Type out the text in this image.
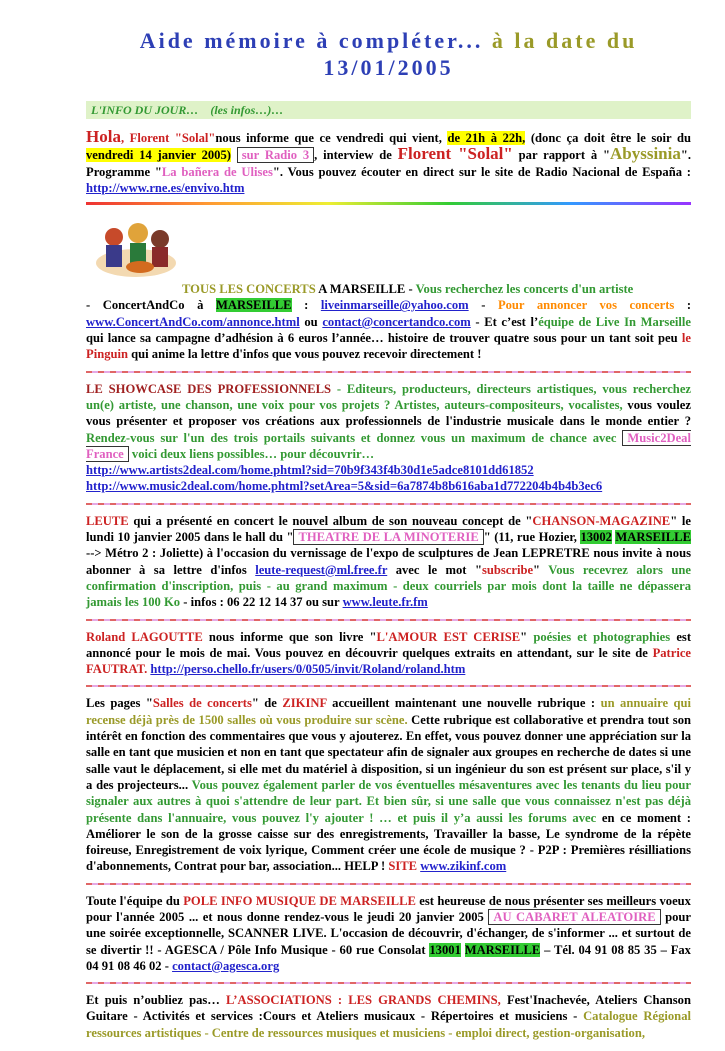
Aide mémoire à compléter... à la date du
13/01/2005
L'INFO DU JOUR… (les infos…)…
Hola, Florent "Solal"nous informe que ce vendredi qui vient, de 21h à 22h, (donc ça doit être le soir du vendredi 14 janvier 2005) sur Radio 3 , interview de Florent "Solal" par rapport à "Abyssinia". Programme "La bañera de Ulises". Vous pouvez écouter en direct sur le site de Radio Nacional de España : http://www.rne.es/envivo.htm
TOUS LES CONCERTS A MARSEILLE - Vous recherchez les concerts d'un artiste
- ConcertAndCo à MARSEILLE : liveinmarseille@yahoo.com - Pour annoncer vos concerts : www.ConcertAndCo.com/annonce.html ou contact@concertandco.com - Et c’est l’équipe de Live In Marseille qui lance sa campagne d’adhésion à 6 euros l’année… histoire de trouver quatre sous pour un tant soit peu le Pinguin qui anime la lettre d'infos que vous pouvez recevoir directement !
LE SHOWCASE DES PROFESSIONNELS - Editeurs, producteurs, directeurs artistiques, vous recherchez un(e) artiste, une chanson, une voix pour vos projets ? Artistes, auteurs-compositeurs, vocalistes, vous voulez vous présenter et proposer vos créations aux professionnels de l'industrie musicale dans le monde entier ? Rendez-vous sur l'un des trois portails suivants et donnez vous un maximum de chance avec Music2Deal France voici deux liens possibles… pour découvrir…
http://www.artists2deal.com/home.phtml?sid=70b9f343f4b30d1e5adce8101dd61852
http://www.music2deal.com/home.phtml?setArea=5&sid=6a7874b8b616aba1d772204b4b4b3ec6
LEUTE qui a présenté en concert le nouvel album de son nouveau concept de "CHANSON-MAGAZINE" le lundi 10 janvier 2005 dans le hall du " THEATRE DE LA MINOTERIE " (11, rue Hozier, 13002 MARSEILLE --> Métro 2 : Joliette) à l'occasion du vernissage de l'expo de sculptures de Jean LEPRETRE nous invite à nous abonner à sa lettre d'infos leute-request@ml.free.fr avec le mot "subscribe" Vous recevrez alors une confirmation d'inscription, puis - au grand maximum - deux courriels par mois dont la taille ne dépassera jamais les 100 Ko - infos : 06 22 12 14 37 ou sur www.leute.fr.fm
Roland LAGOUTTE nous informe que son livre "L'AMOUR EST CERISE" poésies et photographies est annoncé pour le mois de mai. Vous pouvez en découvrir quelques extraits en attendant, sur le site de Patrice FAUTRAT. http://perso.chello.fr/users/0/0505/invit/Roland/roland.htm
Les pages "Salles de concerts" de ZIKINF accueillent maintenant une nouvelle rubrique : un annuaire qui recense déjà près de 1500 salles où vous produire sur scène. Cette rubrique est collaborative et prendra tout son intérêt en fonction des commentaires que vous y ajouterez. En effet, vous pouvez donner une appréciation sur la salle en tant que musicien et non en tant que spectateur afin de signaler aux groupes en recherche de dates si une salle vaut le déplacement, si elle met du matériel à disposition, si un ingénieur du son est présent sur place, s'il y a des projecteurs... Vous pouvez également parler de vos éventuelles mésaventures avec les tenants du lieu pour signaler aux autres à quoi s'attendre de leur part. Et bien sûr, si une salle que vous connaissez n'est pas déjà présente dans l'annuaire, vous pouvez l'y ajouter ! … et puis il y’a aussi les forums avec en ce moment : Améliorer le son de la grosse caisse sur des enregistrements, Travailler la basse, Le syndrome de la répète foireuse, Enregistrement de voix lyrique, Comment créer une école de musique ? - P2P : Premières résilliations d'abonnements, Contrat pour bar, association... HELP ! SITE www.zikinf.com
Toute l'équipe du POLE INFO MUSIQUE DE MARSEILLE est heureuse de nous présenter ses meilleurs voeux pour l'année 2005 ... et nous donne rendez-vous le jeudi 20 janvier 2005 AU CABARET ALEATOIRE pour une soirée exceptionnelle, SCANNER LIVE. L'occasion de découvrir, d'échanger, de s'informer ... et surtout de se divertir !! - AGESCA / Pôle Info Musique - 60 rue Consolat 13001 MARSEILLE – Tél. 04 91 08 85 35 – Fax 04 91 08 46 02 - contact@agesca.org
Et puis n’oubliez pas… L’ASSOCIATIONS : LES GRANDS CHEMINS, Fest'Inachevée, Ateliers Chanson Guitare - Activités et services :Cours et Ateliers musicaux - Répertoires et musiciens - Catalogue Régional ressources artistiques - Centre de ressources musiques et musiciens - emploi direct, gestion-organisation,
